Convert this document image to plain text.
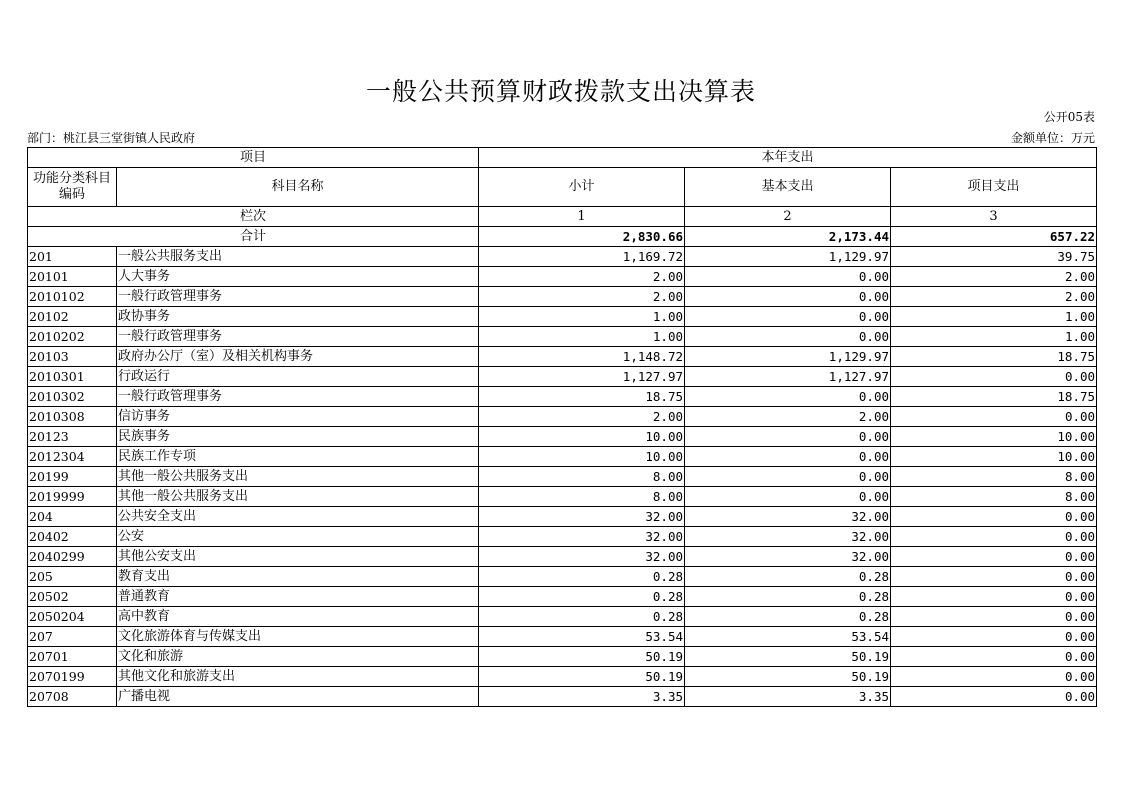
一般公共预算财政拨款支出决算表
公开05表
部门：桃江县三堂街镇人民政府	金额单位：万元
项目		本年支出		
功能分类科目编码	科目名称	小计	基本支出	项目支出
栏次		1	2	3
合计		2,830.66	2,173.44	657.22
201	一般公共服务支出	1,169.72	1,129.97	39.75
20101	人大事务	2.00	0.00	2.00
2010102	一般行政管理事务	2.00	0.00	2.00
20102	政协事务	1.00	0.00	1.00
2010202	一般行政管理事务	1.00	0.00	1.00
20103	政府办公厅（室）及相关机构事务	1,148.72	1,129.97	18.75
2010301	行政运行	1,127.97	1,127.97	0.00
2010302	一般行政管理事务	18.75	0.00	18.75
2010308	信访事务	2.00	2.00	0.00
20123	民族事务	10.00	0.00	10.00
2012304	民族工作专项	10.00	0.00	10.00
20199	其他一般公共服务支出	8.00	0.00	8.00
2019999	其他一般公共服务支出	8.00	0.00	8.00
204	公共安全支出	32.00	32.00	0.00
20402	公安	32.00	32.00	0.00
2040299	其他公安支出	32.00	32.00	0.00
205	教育支出	0.28	0.28	0.00
20502	普通教育	0.28	0.28	0.00
2050204	高中教育	0.28	0.28	0.00
207	文化旅游体育与传媒支出	53.54	53.54	0.00
20701	文化和旅游	50.19	50.19	0.00
2070199	其他文化和旅游支出	50.19	50.19	0.00
20708	广播电视	3.35	3.35	0.00
